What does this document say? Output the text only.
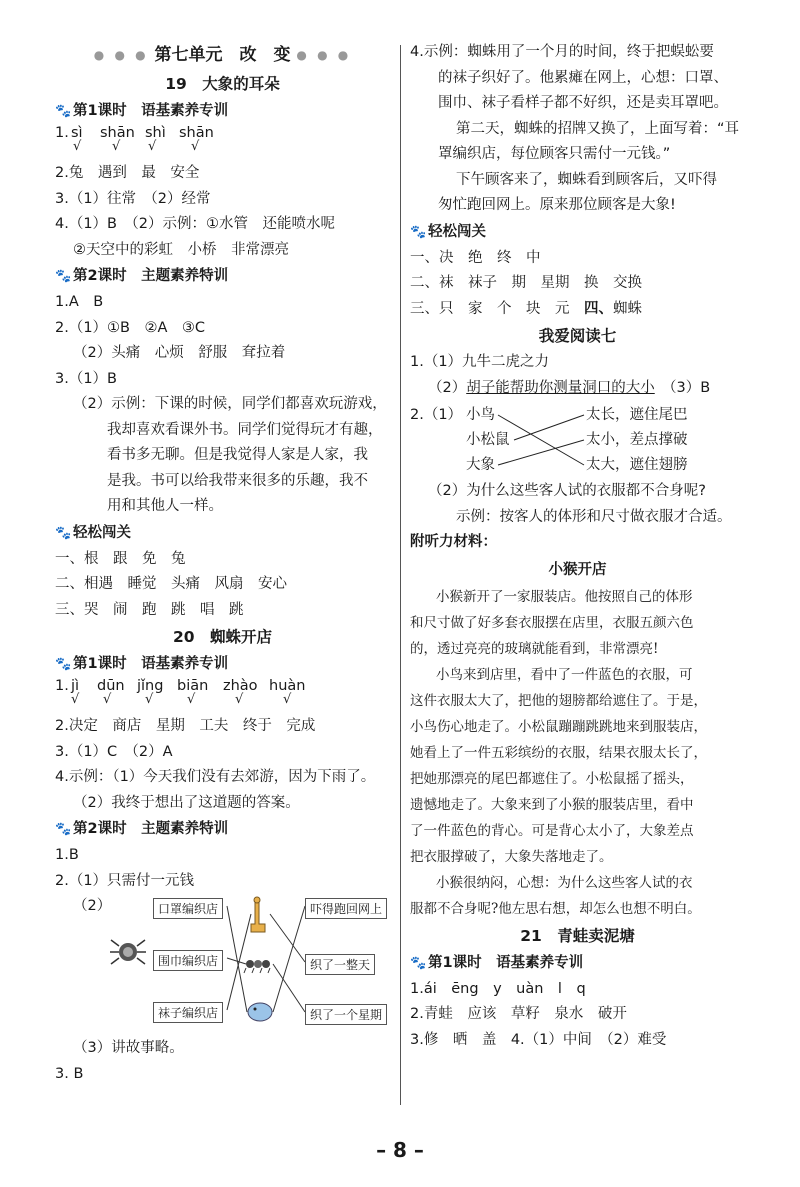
● ● ● 第七单元　改　变 ● ● ●
19　大象的耳朵
🐾 第1课时　语基素养专训
1. sì
√
shān
√
shì
√
shān
√
2.兔　遇到　最　安全
3.（1）往常　（2）经常
4.（1）B　（2）示例：①水管　还能喷水呢
②天空中的彩虹　小桥　非常漂亮
🐾 第2课时　主题素养特训
1.A　B
2.（1）①B　②A　③C
（2）头痛　心烦　舒服　耷拉着
3.（1）B
（2）示例：下课的时候，同学们都喜欢玩游戏，
我却喜欢看课外书。同学们觉得玩才有趣，
看书多无聊。但是我觉得人家是人家，我
是我。书可以给我带来很多的乐趣，我不
用和其他人一样。
🐾 轻松闯关
一、根　跟　免　兔
二、相遇　睡觉　头痛　风扇　安心
三、哭　闹　跑　跳　唱　跳
20　蜘蛛开店
🐾 第1课时　语基素养专训
1. jì
√
dūn
√
jǐng
√
biān
√
zhào
√
huàn
√
2.决定　商店　星期　工夫　终于　完成
3.（1）C　（2）A
4.示例：（1）今天我们没有去郊游，因为下雨了。
（2）我终于想出了这道题的答案。
🐾 第2课时　主题素养特训
1.B
2.（1）只需付一元钱
（2）	口罩编织店
围巾编织店
袜子编织店
吓得跑回网上
织了一整天
织了一个星期
（3）讲故事略。
3. B
4.示例：蜘蛛用了一个月的时间，终于把蜈蚣要
的袜子织好了。他累瘫在网上，心想：口罩、
围巾、袜子看样子都不好织，还是卖耳罩吧。
第二天，蜘蛛的招牌又换了，上面写着：“耳
罩编织店，每位顾客只需付一元钱。”
下午顾客来了，蜘蛛看到顾客后，又吓得
匆忙跑回网上。原来那位顾客是大象!
🐾 轻松闯关
一、决　绝　终　中
二、袜　袜子　期　星期　换　交换
三、只　家　个　块　元　四、蜘蛛
我爱阅读七
1.（1）九牛二虎之力
（2）胡子能帮助你测量洞口的大小　（3）B
2.（1） 小鸟
小松鼠
大象
太长，遮住尾巴
太小，差点撑破
太大，遮住翅膀
（2）为什么这些客人试的衣服都不合身呢?
示例：按客人的体形和尺寸做衣服才合适。
附听力材料：
小猴开店
小猴新开了一家服装店。他按照自己的体形
和尺寸做了好多套衣服摆在店里，衣服五颜六色
的，透过亮亮的玻璃就能看到，非常漂亮!
小鸟来到店里，看中了一件蓝色的衣服，可
这件衣服太大了，把他的翅膀都给遮住了。于是，
小鸟伤心地走了。小松鼠蹦蹦跳跳地来到服装店，
她看上了一件五彩缤纷的衣服，结果衣服太长了，
把她那漂亮的尾巴都遮住了。小松鼠摇了摇头，
遗憾地走了。大象来到了小猴的服装店里，看中
了一件蓝色的背心。可是背心太小了，大象差点
把衣服撑破了，大象失落地走了。
小猴很纳闷，心想：为什么这些客人试的衣
服都不合身呢?他左思右想，却怎么也想不明白。
21　青蛙卖泥塘
🐾 第1课时　语基素养专训
1.ái　ēng　y　uàn　l　q
2.青蛙　应该　草籽　泉水　破开
3.修　晒　盖　4.（1）中间　（2）难受
– 8 –
